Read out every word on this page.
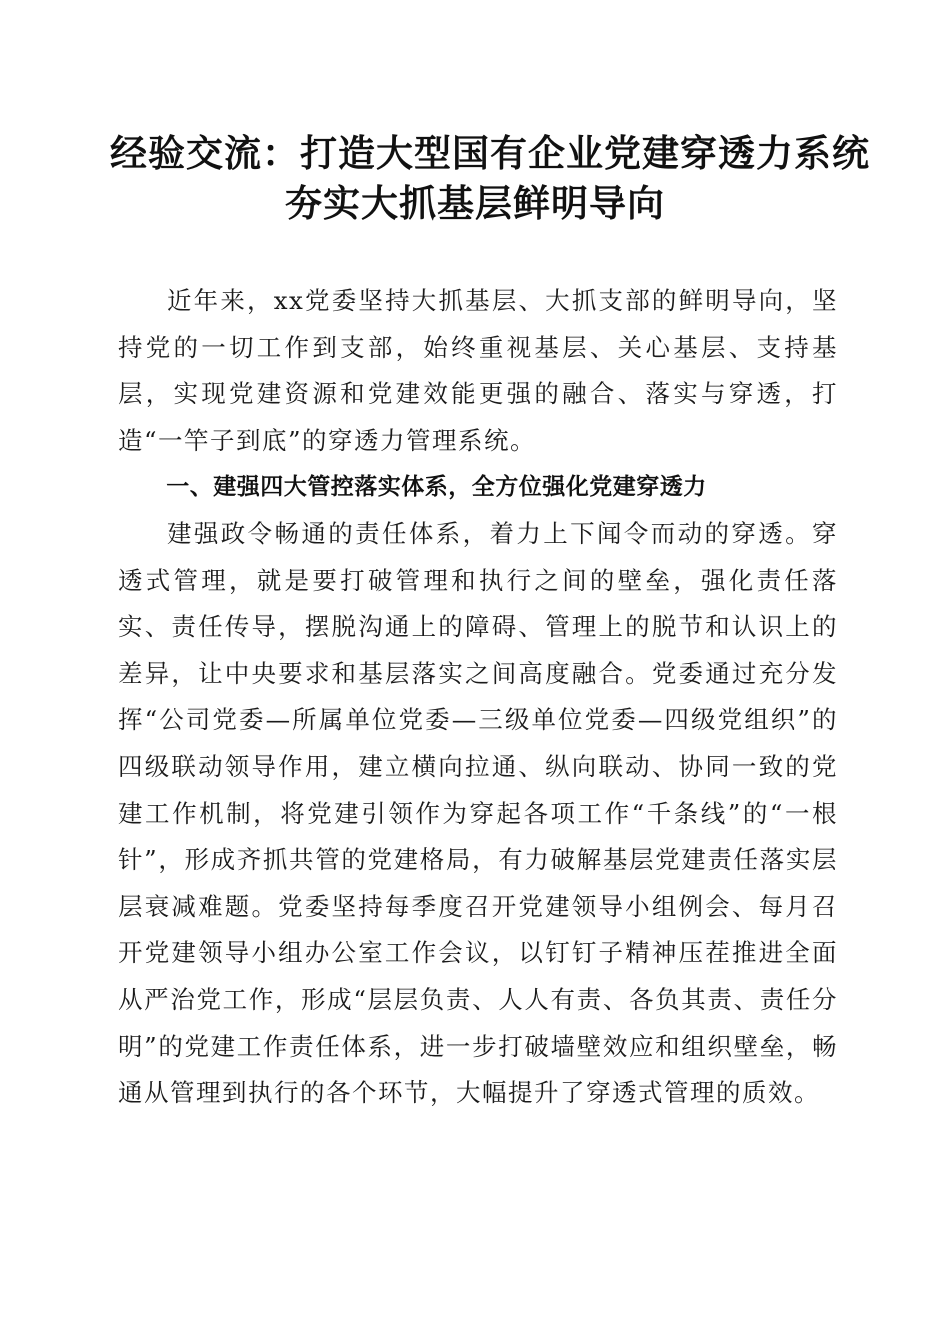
经验交流：打造大型国有企业党建穿透力系统
夯实大抓基层鲜明导向

近年来，xx党委坚持大抓基层、大抓支部的鲜明导向，坚持党的一切工作到支部，始终重视基层、关心基层、支持基层，实现党建资源和党建效能更强的融合、落实与穿透，打造“一竿子到底”的穿透力管理系统。

一、建强四大管控落实体系，全方位强化党建穿透力

建强政令畅通的责任体系，着力上下闻令而动的穿透。穿透式管理，就是要打破管理和执行之间的壁垒，强化责任落实、责任传导，摆脱沟通上的障碍、管理上的脱节和认识上的差异，让中央要求和基层落实之间高度融合。党委通过充分发挥“公司党委—所属单位党委—三级单位党委—四级党组织”的四级联动领导作用，建立横向拉通、纵向联动、协同一致的党建工作机制，将党建引领作为穿起各项工作“千条线”的“一根针”，形成齐抓共管的党建格局，有力破解基层党建责任落实层层衰减难题。党委坚持每季度召开党建领导小组例会、每月召开党建领导小组办公室工作会议，以钉钉子精神压茬推进全面从严治党工作，形成“层层负责、人人有责、各负其责、责任分明”的党建工作责任体系，进一步打破墙壁效应和组织壁垒，畅通从管理到执行的各个环节，大幅提升了穿透式管理的质效。
